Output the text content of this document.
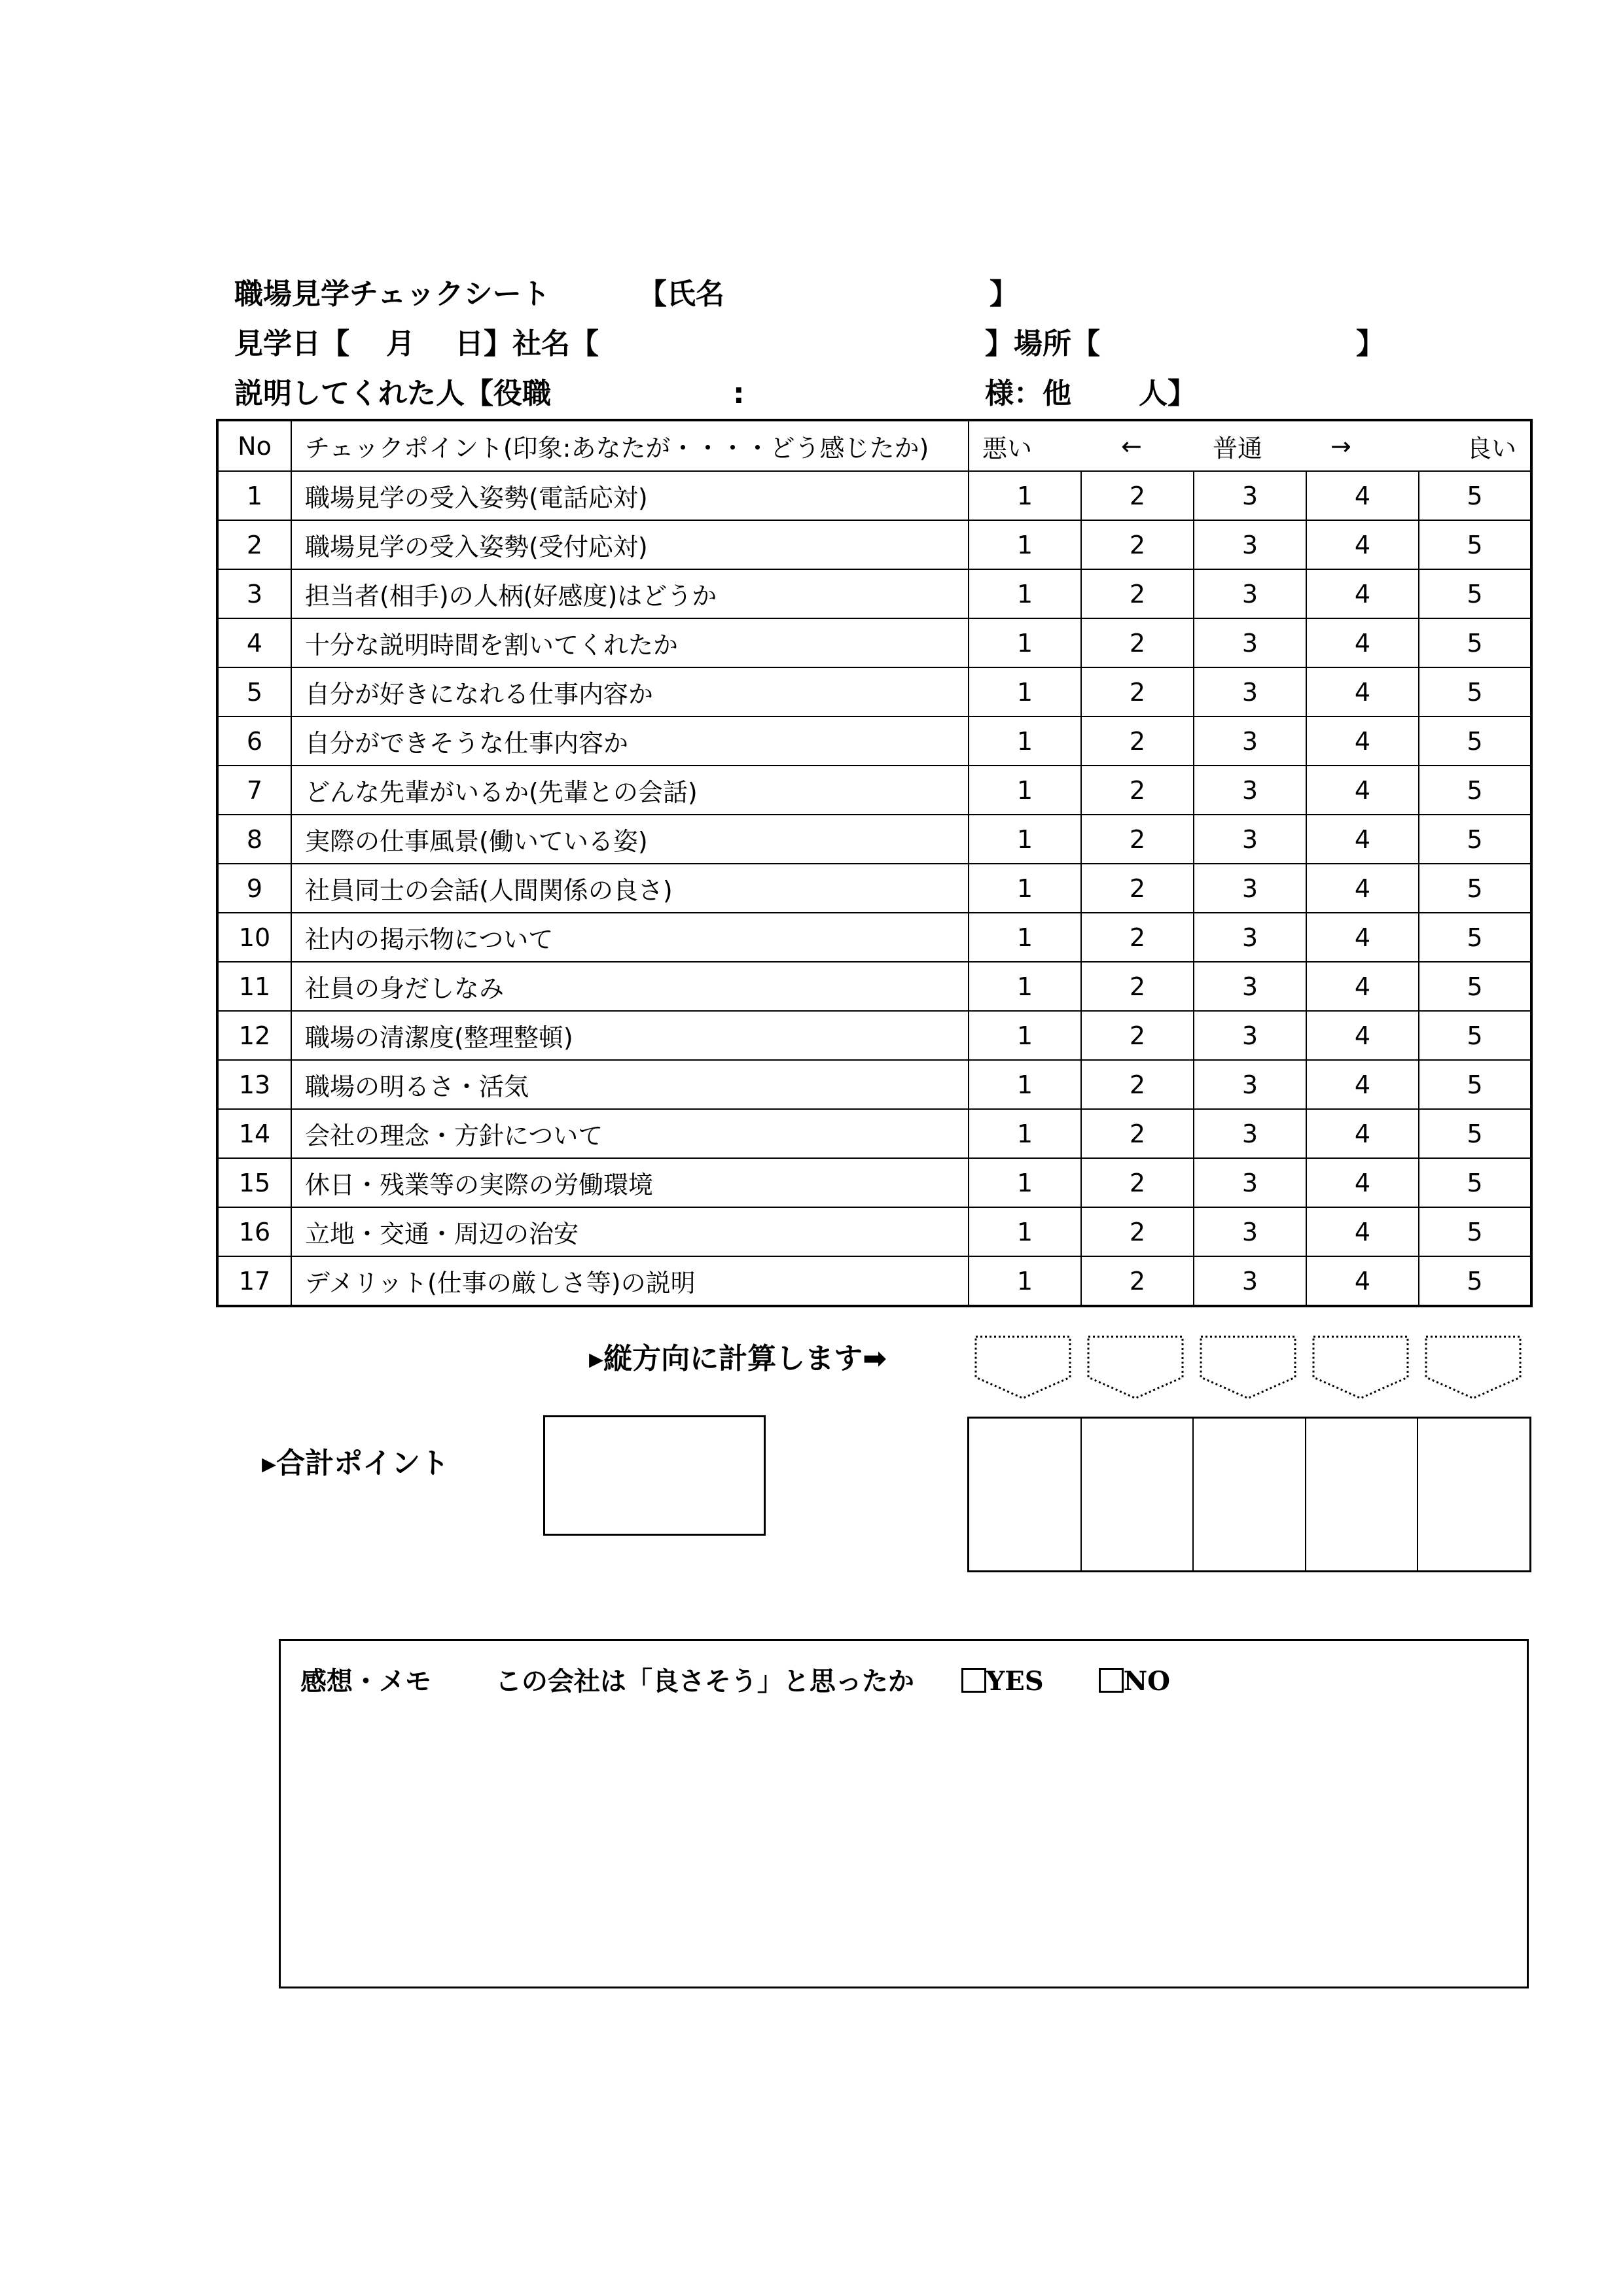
職場見学チェックシート	【氏名	】
見学日【 月 日】社名【	】場所【	】
説明してくれた人【役職	:	様：他 人】
No	チェックポイント(印象:あなたが・・・・どう感じたか)	悪い ← 普通 → 良い				

1	職場見学の受入姿勢(電話応対)	1	2	3	4	5
2	職場見学の受入姿勢(受付応対)	1	2	3	4	5
3	担当者(相手)の人柄(好感度)はどうか	1	2	3	4	5
4	十分な説明時間を割いてくれたか	1	2	3	4	5
5	自分が好きになれる仕事内容か	1	2	3	4	5
6	自分ができそうな仕事内容か	1	2	3	4	5
7	どんな先輩がいるか(先輩との会話)	1	2	3	4	5
8	実際の仕事風景(働いている姿)	1	2	3	4	5
9	社員同士の会話(人間関係の良さ)	1	2	3	4	5
10	社内の掲示物について	1	2	3	4	5
11	社員の身だしなみ	1	2	3	4	5
12	職場の清潔度(整理整頓)	1	2	3	4	5
13	職場の明るさ・活気	1	2	3	4	5
14	会社の理念・方針について	1	2	3	4	5
15	休日・残業等の実際の労働環境	1	2	3	4	5
16	立地・交通・周辺の治安	1	2	3	4	5
17	デメリット(仕事の厳しさ等)の説明	1	2	3	4	5
▸縦方向に計算します➡
▸合計ポイント
感想・メモ この会社は「良さそう」と思ったか	YES	NO
